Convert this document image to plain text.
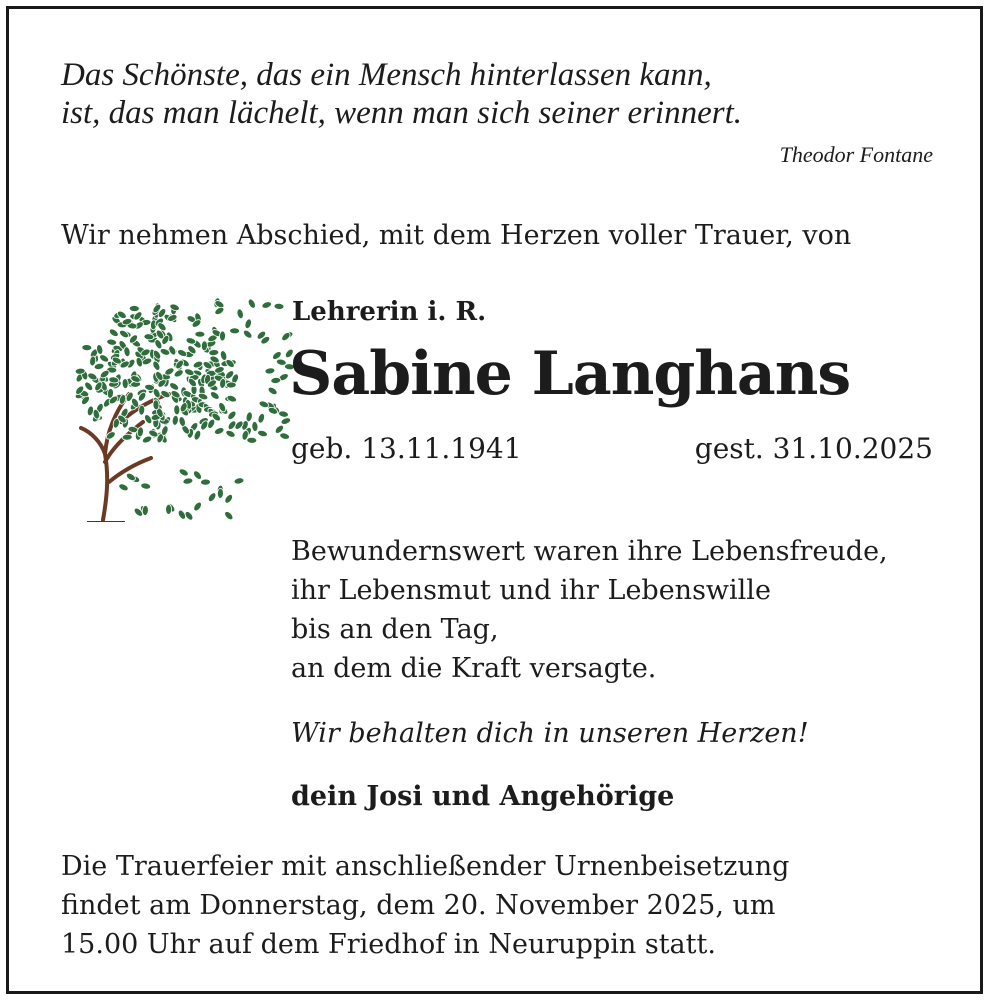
Das Schönste, das ein Mensch hinterlassen kann,
ist, das man lächelt, wenn man sich seiner erinnert.
Theodor Fontane
Wir nehmen Abschied, mit dem Herzen voller Trauer, von
Lehrerin i. R.
Sabine Langhans
geb. 13.11.1941	gest. 31.10.2025
Bewundernswert waren ihre Lebensfreude,
ihr Lebensmut und ihr Lebenswille
bis an den Tag,
an dem die Kraft versagte.
Wir behalten dich in unseren Herzen!
dein Josi und Angehörige
Die Trauerfeier mit anschließender Urnenbeisetzung
findet am Donnerstag, dem 20. November 2025, um
15.00 Uhr auf dem Friedhof in Neuruppin statt.
